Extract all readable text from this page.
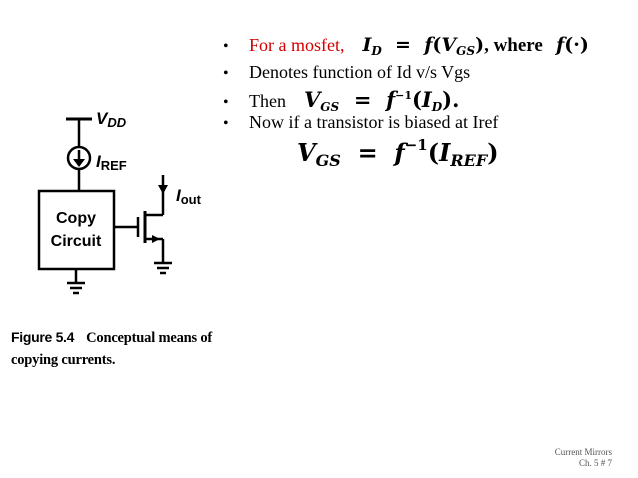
VDD
IREF
Copy
Circuit
Iout
Figure 5.4 Conceptual means of copying currents.
•	For a mosfet, $I_D = f(V_{GS})$, where f(·)
•	Denotes function of Id v/s Vgs
•	Then VGS = $f^{-1}(ID)$.
•	Now if a transistor is biased at Iref
$V_{GS} = f^{-1}(I_{REF})$
Current Mirrors
Ch. 5 # 7
